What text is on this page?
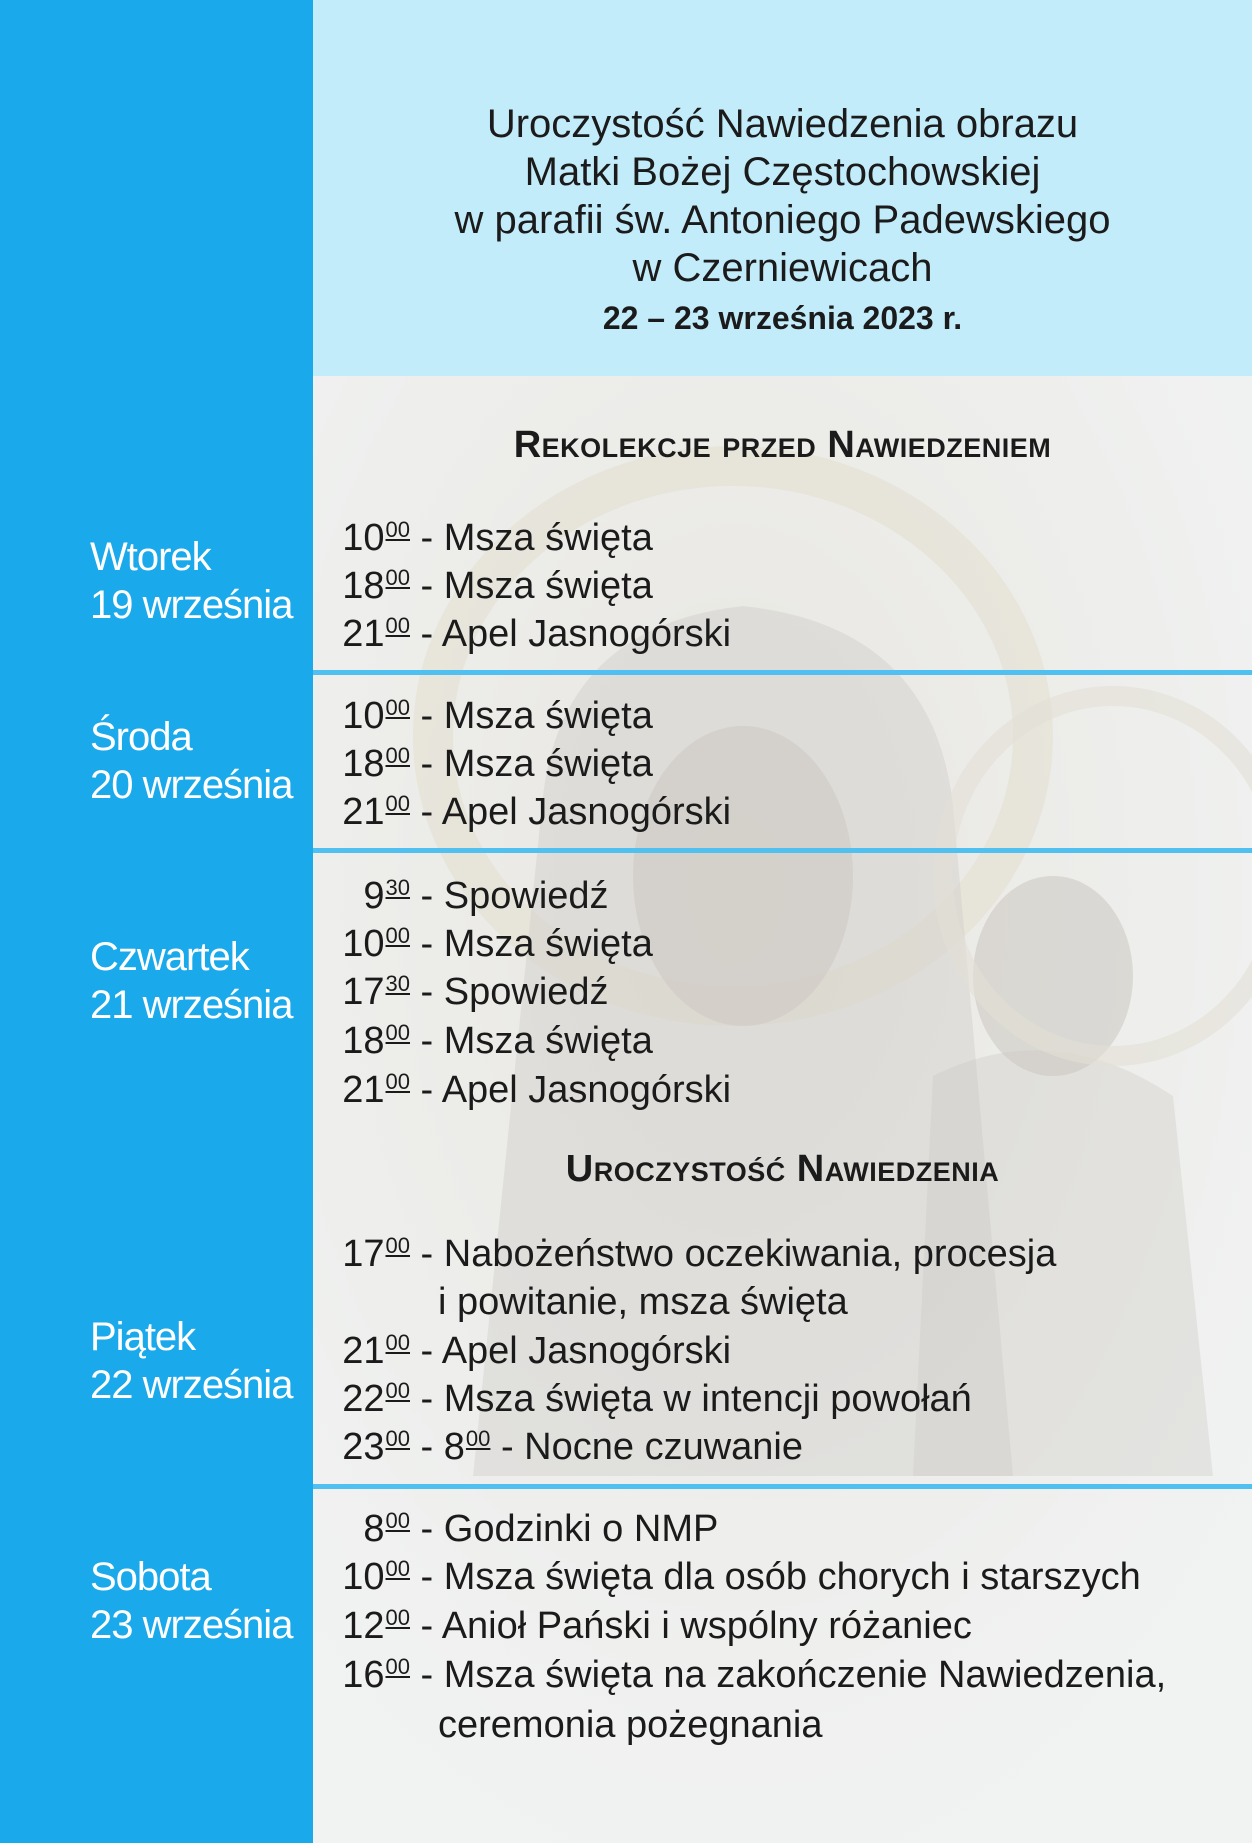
Uroczystość Nawiedzenia obrazu
Matki Bożej Częstochowskiej
w parafii św. Antoniego Padewskiego
w Czerniewicach
22 – 23 września 2023 r.
Rekolekcje przed Nawiedzeniem
Uroczystość Nawiedzenia
Wtorek
19 września
Środa
20 września
Czwartek
21 września
Piątek
22 września
Sobota
23 września
$10^{00}$ - Msza święta
$18^{00}$ - Msza święta
$21^{00}$ - Apel Jasnogórski
$10^{00}$ - Msza święta
$18^{00}$ - Msza święta
$21^{00}$ - Apel Jasnogórski
$9^{30}$ - Spowiedź
$10^{00}$ - Msza święta
$17^{30}$ - Spowiedź
$18^{00}$ - Msza święta
$21^{00}$ - Apel Jasnogórski
$17^{00}$ - Nabożeństwo oczekiwania, procesja
i powitanie, msza święta
$21^{00}$ - Apel Jasnogórski
$22^{00}$ - Msza święta w intencji powołań
$23^{00} - 8^{00}$ - Nocne czuwanie
$8^{00}$ - Godzinki o NMP
$10^{00}$ - Msza święta dla osób chorych i starszych
$12^{00}$ - Anioł Pański i wspólny różaniec
$16^{00}$ - Msza święta na zakończenie Nawiedzenia,
ceremonia pożegnania
